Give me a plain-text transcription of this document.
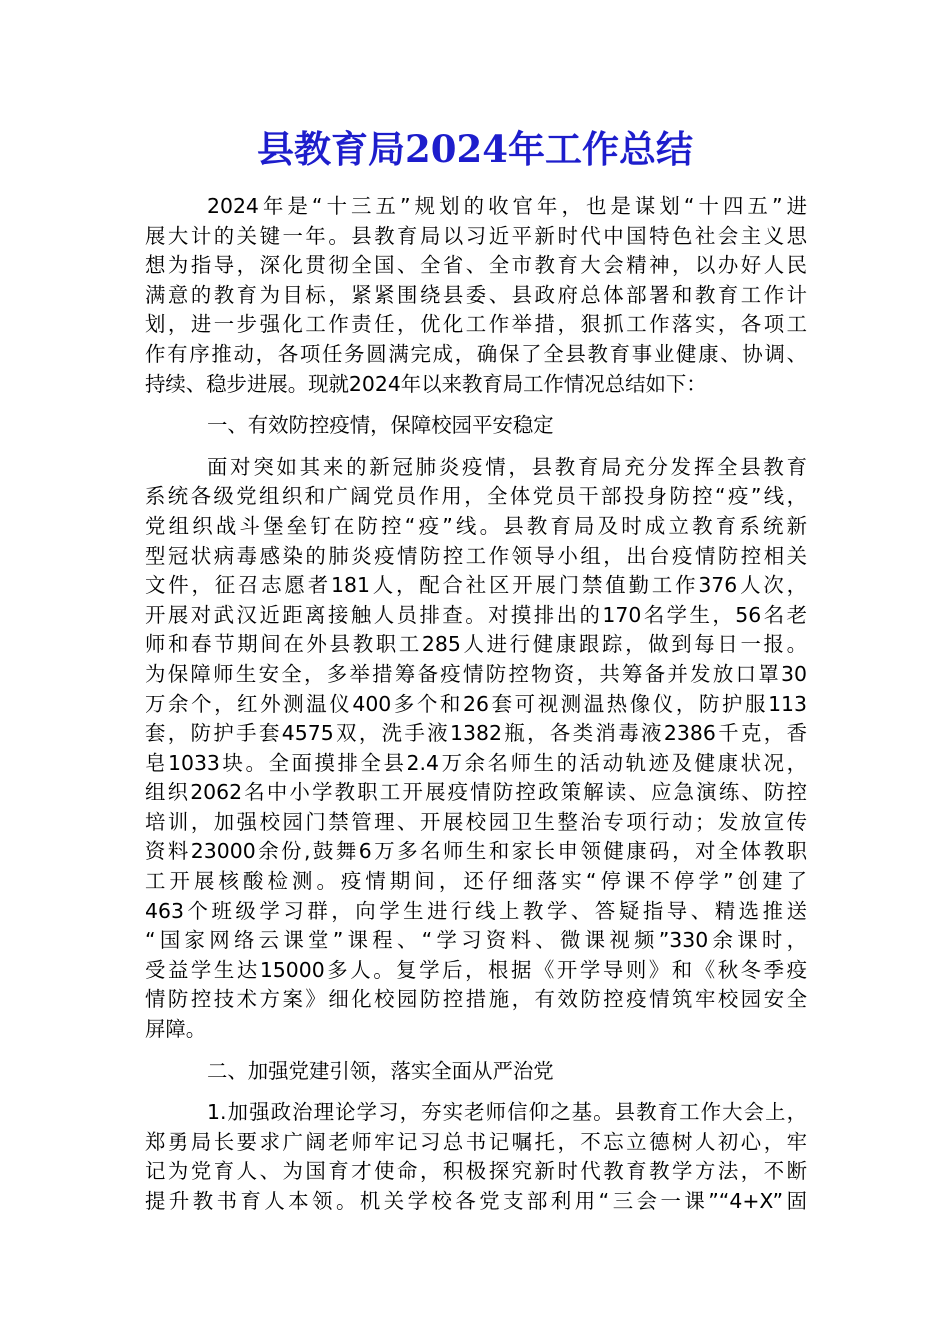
县教育局2024年工作总结
2024年是“十三五”规划的收官年，也是谋划“十四五”进
展大计的关键一年。县教育局以习近平新时代中国特色社会主义思
想为指导，深化贯彻全国、全省、全市教育大会精神，以办好人民
满意的教育为目标，紧紧围绕县委、县政府总体部署和教育工作计
划，进一步强化工作责任，优化工作举措，狠抓工作落实，各项工
作有序推动，各项任务圆满完成，确保了全县教育事业健康、协调、
持续、稳步进展。现就2024年以来教育局工作情况总结如下：
一、有效防控疫情，保障校园平安稳定
面对突如其来的新冠肺炎疫情，县教育局充分发挥全县教育
系统各级党组织和广阔党员作用，全体党员干部投身防控“疫”线，
党组织战斗堡垒钉在防控“疫”线。县教育局及时成立教育系统新
型冠状病毒感染的肺炎疫情防控工作领导小组，出台疫情防控相关
文件，征召志愿者181人，配合社区开展门禁值勤工作376人次，
开展对武汉近距离接触人员排查。对摸排出的170名学生，56名老
师和春节期间在外县教职工285人进行健康跟踪，做到每日一报。
为保障师生安全，多举措筹备疫情防控物资，共筹备并发放口罩30
万余个，红外测温仪400多个和26套可视测温热像仪，防护服113
套，防护手套4575双，洗手液1382瓶，各类消毒液2386千克，香
皂1033块。全面摸排全县2.4万余名师生的活动轨迹及健康状况，
组织2062名中小学教职工开展疫情防控政策解读、应急演练、防控
培训，加强校园门禁管理、开展校园卫生整治专项行动；发放宣传
资料23000余份,鼓舞6万多名师生和家长申领健康码，对全体教职
工开展核酸检测。疫情期间，还仔细落实“停课不停学”创建了
463个班级学习群，向学生进行线上教学、答疑指导、精选推送
“国家网络云课堂”课程、“学习资料、微课视频”330余课时，
受益学生达15000多人。复学后，根据《开学导则》和《秋冬季疫
情防控技术方案》细化校园防控措施，有效防控疫情筑牢校园安全
屏障。
二、加强党建引领，落实全面从严治党
1.加强政治理论学习，夯实老师信仰之基。县教育工作大会上，
郑勇局长要求广阔老师牢记习总书记嘱托，不忘立德树人初心，牢
记为党育人、为国育才使命，积极探究新时代教育教学方法，不断
提升教书育人本领。机关学校各党支部利用“三会一课”“4+X”固
